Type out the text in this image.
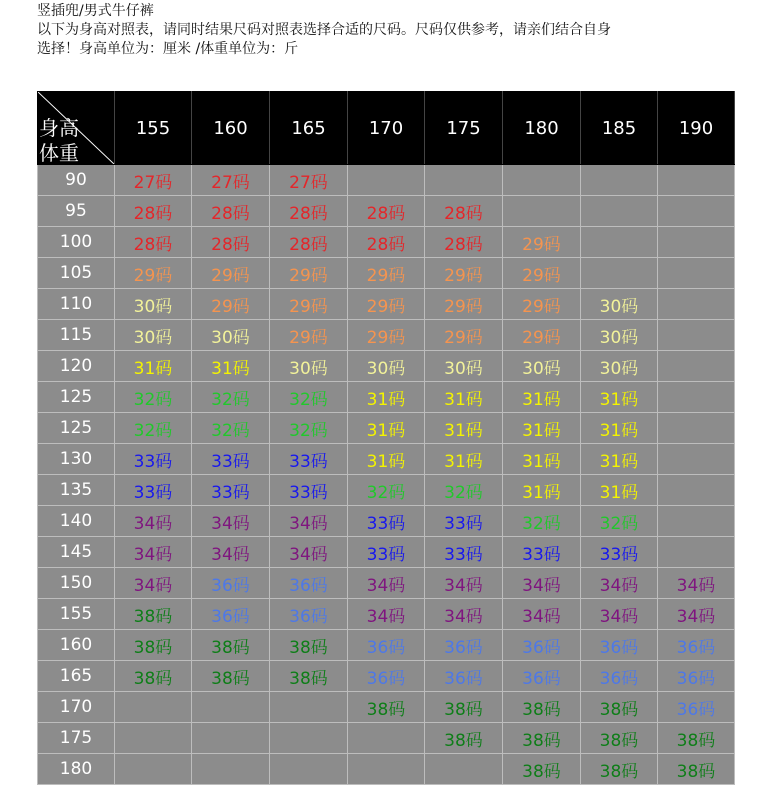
竖插兜/男式牛仔裤
以下为身高对照表，请同时结果尺码对照表选择合适的尺码。尺码仅供参考，请亲们结合自身
选择！身高单位为：厘米 /体重单位为：斤
身高
体重	155	160	165	170	175	180	185	190
90	27码	27码	27码					
95	28码	28码	28码	28码	28码			
100	28码	28码	28码	28码	28码	29码		
105	29码	29码	29码	29码	29码	29码		
110	30码	29码	29码	29码	29码	29码	30码	
115	30码	30码	29码	29码	29码	29码	30码	
120	31码	31码	30码	30码	30码	30码	30码	
125	32码	32码	32码	31码	31码	31码	31码	
125	32码	32码	32码	31码	31码	31码	31码	
130	33码	33码	33码	31码	31码	31码	31码	
135	33码	33码	33码	32码	32码	31码	31码	
140	34码	34码	34码	33码	33码	32码	32码	
145	34码	34码	34码	33码	33码	33码	33码	
150	34码	36码	36码	34码	34码	34码	34码	34码
155	38码	36码	36码	34码	34码	34码	34码	34码
160	38码	38码	38码	36码	36码	36码	36码	36码
165	38码	38码	38码	36码	36码	36码	36码	36码
170				38码	38码	38码	38码	36码
175					38码	38码	38码	38码
180						38码	38码	38码
